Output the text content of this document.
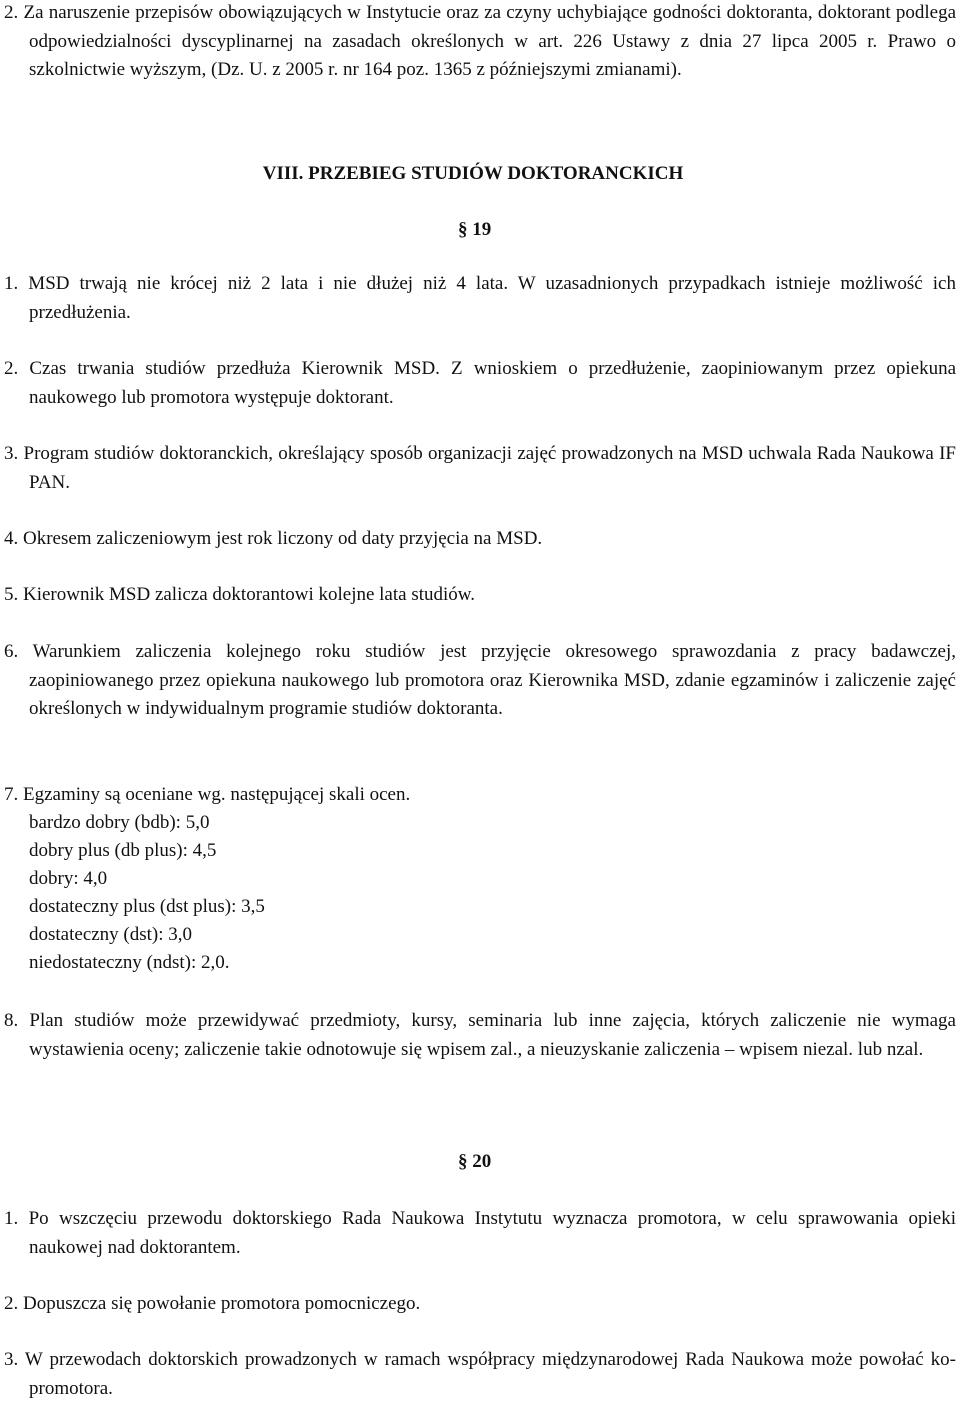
2. Za naruszenie przepisów obowiązujących w Instytucie oraz za czyny uchybiające godności doktoranta, doktorant podlega odpowiedzialności dyscyplinarnej na zasadach określonych w art. 226 Ustawy z dnia 27 lipca 2005 r. Prawo o szkolnictwie wyższym, (Dz. U. z 2005 r. nr 164 poz. 1365 z późniejszymi zmianami).

VIII. PRZEBIEG STUDIÓW DOKTORANCKICH

§ 19

1. MSD trwają nie krócej niż 2 lata i nie dłużej niż 4 lata. W uzasadnionych przypadkach istnieje możliwość ich przedłużenia.

2. Czas trwania studiów przedłuża Kierownik MSD. Z wnioskiem o przedłużenie, zaopiniowanym przez opiekuna naukowego lub promotora występuje doktorant.

3. Program studiów doktoranckich, określający sposób organizacji zajęć prowadzonych na MSD uchwala Rada Naukowa IF PAN.

4. Okresem zaliczeniowym jest rok liczony od daty przyjęcia na MSD.

5. Kierownik MSD zalicza doktorantowi kolejne lata studiów.

6. Warunkiem zaliczenia kolejnego roku studiów jest przyjęcie okresowego sprawozdania z pracy badawczej, zaopiniowanego przez opiekuna naukowego lub promotora oraz Kierownika MSD, zdanie egzaminów i zaliczenie zajęć określonych w indywidualnym programie studiów doktoranta.

7. Egzaminy są oceniane wg. następującej skali ocen.

bardzo dobry (bdb): 5,0
dobry plus (db plus): 4,5
dobry: 4,0
dostateczny plus (dst plus): 3,5
dostateczny (dst): 3,0
niedostateczny (ndst): 2,0.

8. Plan studiów może przewidywać przedmioty, kursy, seminaria lub inne zajęcia, których zaliczenie nie wymaga wystawienia oceny; zaliczenie takie odnotowuje się wpisem zal., a nieuzyskanie zaliczenia – wpisem niezal. lub nzal.

§ 20

1. Po wszczęciu przewodu doktorskiego Rada Naukowa Instytutu wyznacza promotora, w celu sprawowania opieki naukowej nad doktorantem.

2. Dopuszcza się powołanie promotora pomocniczego.

3. W przewodach doktorskich prowadzonych w ramach współpracy międzynarodowej Rada Naukowa może powołać ko-promotora.
